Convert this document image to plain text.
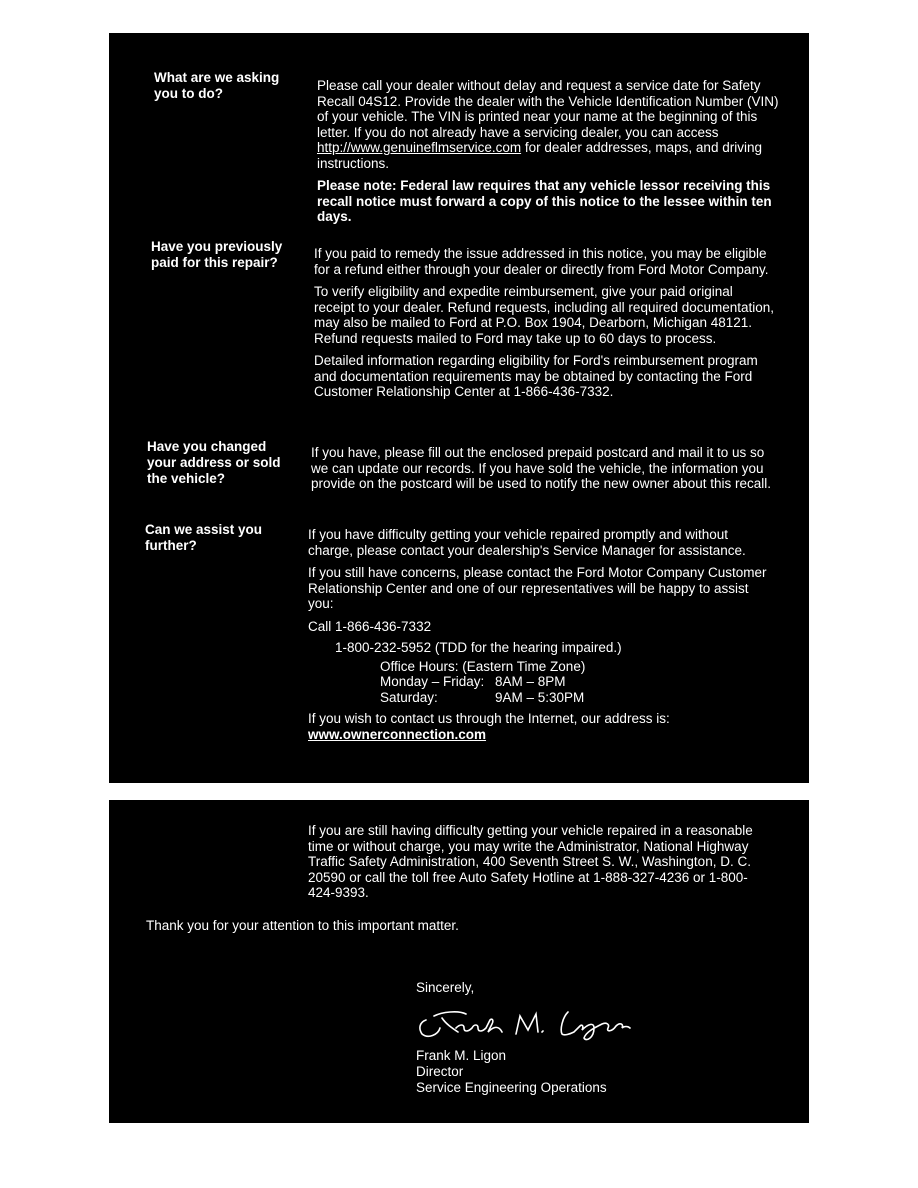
What are we asking you to do?

Please call your dealer without delay and request a service date for Safety Recall 04S12. Provide the dealer with the Vehicle Identification Number (VIN) of your vehicle. The VIN is printed near your name at the beginning of this letter. If you do not already have a servicing dealer, you can access http://www.genuineflmservice.com for dealer addresses, maps, and driving instructions.

Please note: Federal law requires that any vehicle lessor receiving this recall notice must forward a copy of this notice to the lessee within ten days.

Have you previously paid for this repair?

If you paid to remedy the issue addressed in this notice, you may be eligible for a refund either through your dealer or directly from Ford Motor Company.

To verify eligibility and expedite reimbursement, give your paid original receipt to your dealer. Refund requests, including all required documentation, may also be mailed to Ford at P.O. Box 1904, Dearborn, Michigan 48121. Refund requests mailed to Ford may take up to 60 days to process.

Detailed information regarding eligibility for Ford's reimbursement program and documentation requirements may be obtained by contacting the Ford Customer Relationship Center at 1-866-436-7332.

Have you changed your address or sold the vehicle?

If you have, please fill out the enclosed prepaid postcard and mail it to us so we can update our records. If you have sold the vehicle, the information you provide on the postcard will be used to notify the new owner about this recall.

Can we assist you further?

If you have difficulty getting your vehicle repaired promptly and without charge, please contact your dealership's Service Manager for assistance.

If you still have concerns, please contact the Ford Motor Company Customer Relationship Center and one of our representatives will be happy to assist you:

Call 1-866-436-7332

1-800-232-5952 (TDD for the hearing impaired.)

Office Hours: (Eastern Time Zone)

Monday – Friday: 8AM – 8PM
Saturday:	9AM – 5:30PM

If you wish to contact us through the Internet, our address is:

www.ownerconnection.com

If you are still having difficulty getting your vehicle repaired in a reasonable time or without charge, you may write the Administrator, National Highway Traffic Safety Administration, 400 Seventh Street S. W., Washington, D. C. 20590 or call the toll free Auto Safety Hotline at 1-888-327-4236 or 1-800-424-9393.
Thank you for your attention to this important matter.
Sincerely,
Frank M. Ligon
Director
Service Engineering Operations
